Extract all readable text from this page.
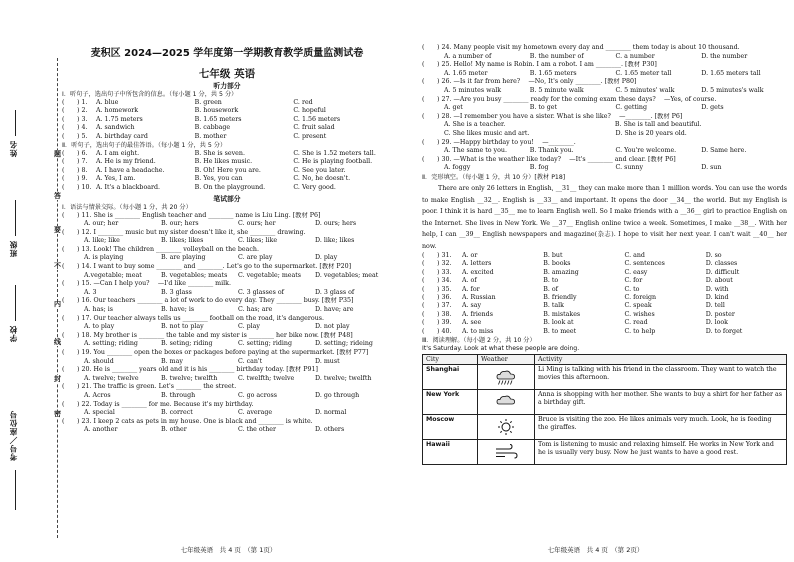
姓名
班级
学校
考号／座位号
题
答
要
不
内
线
封
密
麦积区 2024—2025 学年度第一学期教育教学质量监测试卷
七年级 英语
听力部分
Ⅰ．听句子，选出句子中所包含的信息。（每小题 1 分，共 5 分）
(　　) 1.	A. blue	B. green	C. red
(　　) 2.	A. homework	B. housework	C. hopeful
(　　) 3.	A. 1.75 meters	B. 1.65 meters	C. 1.56 meters
(　　) 4.	A. sandwich	B. cabbage	C. fruit salad
(　　) 5.	A. birthday card	B. mother	C. present
Ⅱ．听句子，选出句子的最佳答语。（每小题 1 分，共 5 分）
(　　) 6.	A. I am eight.	B. She is seven.	C. She is 1.52 meters tall.
(　　) 7.	A. He is my friend.	B. He likes music.	C. He is playing football.
(　　) 8.	A. I have a headache.	B. Oh! Here you are.	C. See you later.
(　　) 9.	A. Yes, I am.	B. Yes, you can	C. No, he doesn't.
(　　) 10. A. It's a blackboard.	B. On the playground.	C. Very good.
笔试部分
Ⅰ．语法与情景交际。（每小题 1 分，共 20 分）
(　　) 11. She is ________ English teacher and ________ name is Liu Ling. [教材 P6]
A. our; her	B. our; hers	C. ours; her	D. ours; hers
(　　) 12. I ________ music but my sister doesn't like it, she ________ drawing.
A. like; like	B. likes; likes	C. likes; like	D. like; likes
(　　) 13. Look! The children ________ volleyball on the beach.
A. is playing	B. are playing	C. are play	D. play
(　　) 14. I want to buy some ________ and ________. Let's go to the supermarket. [教材 P20]
A.vegetable; meat	B. vegetables; meats	C. vegetable; meats	D. vegetables; meat
(　　) 15. —Can I help you?　 —I'd like ________ milk.
A. 3	B. 3 glass	C. 3 glasses of	D. 3 glass of
(　　) 16. Our teachers ________ a lot of work to do every day. They ________ busy. [教材 P35]
A. has; is	B. have; is	C. has; are	D. have; are
(　　) 17. Our teacher always tells us ________ football on the road, it's dangerous.
A. to play	B. not to play	C. play	D. not play
(　　) 18. My brother is ________ the table and my sister is ________ her bike now. [教材 P48]
A. setting; riding	B. seting; riding	C. setting; riding	D. setting; rideing
(　　) 19. You ________ open the boxes or packages before paying at the supermarket. [教材 P77]
A. should	B. may	C. can't	D. must
(　　) 20. He is ________ years old and it is his ________ birthday today. [教材 P91]
A. twelve; twelve	B. twelve; twelfth	C. twelfth; twelve	D. twelve; twelfth
(　　) 21. The traffic is green. Let's ________ the street.
A. Acros	B. through	C. go across	D. go through
(　　) 22. Today is ________ for me. Because it's my birthday.
A. special	B. correct	C. average	D. normal
(　　) 23. I keep 2 cats as pets in my house. One is black and ________ is white.
A. another	B. other	C. the other	D. others
七年级英语　共 4 页　（第 1页）
(　　) 24. Many people visit my hometown every day and ________ them today is about 10 thousand.
A. a number of	B. the number of	C. a number	D. the number
(　　) 25. Hello! My name is Robin. I am a robot. I am ________. [教材 P30]
A. 1.65 meter	B. 1.65 meters	C. 1.65 meter tall	D. 1.65 meters tall
(　　) 26. —Is it far from here?　 —No, It's only ________. [教材 P80]
A. 5 minutes walk	B. 5 minute walk	C. 5 minutes' walk	D. 5 minutes's walk
(　　) 27. —Are you busy ________ ready for the coming exam these days?　 —Yes, of course.
A. get	B. to get	C. getting	D. gets
(　　) 28. —I remember you have a sister. What is she like?　 —________. [教材 P6]
A. She is a teacher.	B. She is tall and beautiful.
C. She likes music and art.	D. She is 20 years old.
(　　) 29. —Happy birthday to you!　 —________.
A. The same to you.	B. Thank you.	C. You're welcome.	D. Same here.
(　　) 30. —What is the weather like today?　 —It's ________ and clear. [教材 P6]
A. foggy	B. fog	C. sunny	D. sun
Ⅱ．完形填空。（每小题 1 分，共 10 分）[教材 P18]
There are only 26 letters in English, __31__ they can make more than 1 million words. You can use the words to make English __32__. English is __33__ and important. It opens the door __34__ the world. But my English is poor. I think it is hard __35__ me to learn English well. So I make friends with a __36__ girl to practice English on the Internet. She lives in New York. We __37__ English online twice a week. Sometimes, I make __38__. With her help, I can __39__ English newspapers and magazine(杂志). I hope to visit her next year. I can't wait __40__ her now.
(　　) 31.	A. or	B. but	C. and	D. so
(　　) 32.	A. letters	B. books	C. sentences	D. classes
(　　) 33.	A. excited	B. amazing	C. easy	D. difficult
(　　) 34.	A. of	B. to	C. for	D. about
(　　) 35.	A. for	B. of	C. to	D. with
(　　) 36.	A. Russian	B. friendly	C. foreign	D. kind
(　　) 37.	A. say	B. talk	C. speak	D. tell
(　　) 38.	A. friends	B. mistakes	C. wishes	D. poster
(　　) 39.	A. see	B. look at	C. read	D. look
(　　) 40.	A. to miss	B. to meet	C. to help	D. to forget
Ⅲ．阅读理解。（每小题 2 分，共 10 分）
It's Saturday. Look at what these people are doing.
City	Weather	Activity
Shanghai		Li Ming is talking with his friend in the classroom. They want to watch the movies this afternoon.
New York		Anna is shopping with her mother. She wants to buy a shirt for her father as a birthday gift.
Moscow		Bruce is visiting the zoo. He likes animals very much. Look, he is feeding the giraffes.
Hawaii		Tom is listening to music and relaxing himself. He works in New York and he is usually very busy. Now he just wants to have a good rest.
七年级英语　共 4 页　（第 2页）
